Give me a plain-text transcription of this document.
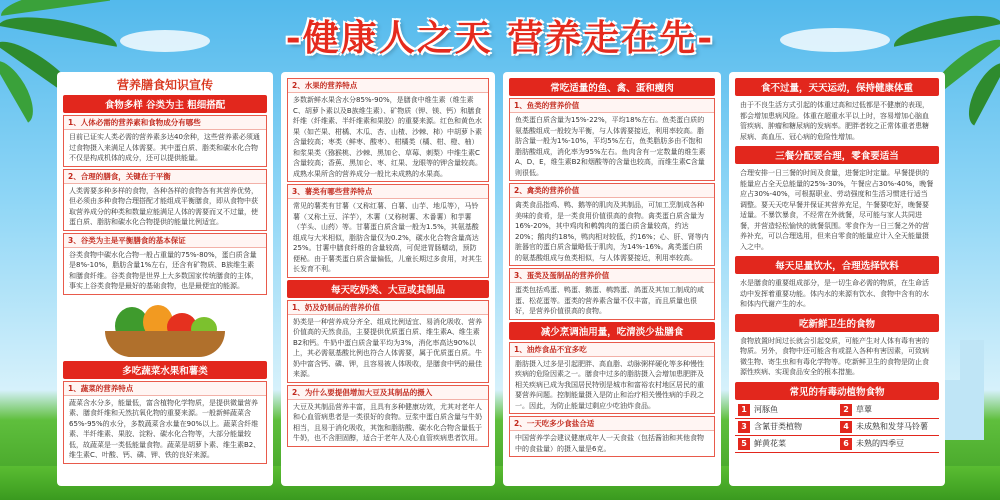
-健康人之天 营养走在先-
营养膳食知识宣传
食物多样 谷类为主 粗细搭配
1、人体必需的营养素和食物成分有哪些
目前已证实人类必需的营养素多达40余种，这些营养素必须通过食物摄入来满足人体需要。其中蛋白质、脂类和碳水化合物不仅是构成机体的成分，还可以提供能量。
2、合理的膳食，关键在于平衡
人类需要多种多样的食物，各种各样的食物各有其营养优势，但必须由多种食物合理搭配才能组成平衡膳食，即从食物中获取营养成分的种类和数量应能满足人体的需要而又不过量，使蛋白质、脂肪和碳水化合物提供的能量比例适宜。
3、谷类为主是平衡膳食的基本保证
谷类食物中碳水化合物一般占重量的75%-80%，蛋白质含量是8%-10%，脂肪含量1%左右，还含有矿物质、B族维生素和膳食纤维。谷类食物是世界上大多数国家传统膳食的主体，事实上谷类食物是最好的基础食物，也是最便宜的能源。
多吃蔬菜水果和薯类
1、蔬菜的营养特点
蔬菜含水分多，能量低，富含植物化学物质，是提供微量营养素、膳食纤维和天然抗氧化物的重要来源。一般新鲜蔬菜含65%-95%的水分，多数蔬菜含水量在90%以上。蔬菜含纤维素、半纤维素、果胶、淀粉、碳水化合物等，大部分能量较低，故蔬菜是一类低能量食物。蔬菜是胡萝卜素、维生素B2、维生素C、叶酸、钙、磷、钾、铁的良好来源。
2、水果的营养特点
多数新鲜水果含水分85%-90%，是膳食中维生素（维生素C、胡萝卜素以及B族维生素）、矿物质（钾、镁、钙）和膳食纤维（纤维素、半纤维素和果胶）的重要来源。红色和黄色水果（如芒果、柑橘、木瓜、杏、山楂、沙棘、柿）中胡萝卜素含量较高；枣类（鲜枣、酸枣）、柑橘类（橘、柑、橙、柚）和浆果类（猕猴桃、沙棘、黑加仑、草莓、刺梨）中维生素C含量较高；香蕉、黑加仑、枣、红果、龙眼等的钾含量较高。成熟水果所含的营养成分一般比未成熟的水果高。
3、薯类有哪些营养特点
常见的薯类有甘薯（又称红薯、白薯、山芋、地瓜等），马铃薯（又称土豆、洋芋），木薯（又称树薯、木番薯）和芋薯（芋头、山药）等。甘薯蛋白质含量一般为1.5%，其氨基酸组成与大米相似，脂肪含量仅为0.2%，碳水化合物含量高达25%。甘薯中膳食纤维的含量较高，可促进胃肠蠕动，预防便秘。由于薯类蛋白质含量偏低，儿童长期过多食用，对其生长发育不利。
每天吃奶类、大豆或其制品
1、奶及奶制品的营养价值
奶类是一种营养成分齐全、组成比例适宜、易消化吸收、营养价值高的天然食品，主要提供优质蛋白质、维生素A、维生素B2和钙。牛奶中蛋白质含量平均为3%，消化率高达90%以上，其必需氨基酸比例也符合人体需要，属于优质蛋白质。牛奶中富含钙、磷、钾，且容易被人体吸收，是膳食中钙的最佳来源。
2、为什么要提倡增加大豆及其制品的摄入
大豆及其制品营养丰富，且具有多种健康功效，尤其对老年人和心血管病患者是一类很好的食物。豆浆中蛋白质含量与牛奶相当，且易于消化吸收，其饱和脂肪酸、碳水化合物含量低于牛奶，也不含胆固醇，适合于老年人及心血管疾病患者饮用。
常吃适量的鱼、禽、蛋和瘦肉
1、鱼类的营养价值
鱼类蛋白质含量为15%-22%，平均18%左右。鱼类蛋白质的氨基酸组成一般较为平衡，与人体需要接近，利用率较高。脂肪含量一般为1%-10%，平均5%左右，鱼类脂肪多由不饱和脂肪酸组成，消化率为95%左右。鱼肉含有一定数量的维生素A、D、E，维生素B2和烟酸等的含量也较高，而维生素C含量则很低。
2、禽类的营养价值
禽类食品指鸡、鸭、鹅等的肌肉及其制品，可加工烹制成各种美味的食肴，是一类食用价值很高的食物。禽类蛋白质含量为16%-20%，其中鸡肉和鹌鹑肉的蛋白质含量较高，约达20%；鹅肉约18%，鸭肉相对较低，约16%；心、肝、肾等内脏器官的蛋白质含量略低于肌肉，为14%-16%。禽类蛋白质的氨基酸组成与鱼类相似，与人体需要接近，利用率较高。
3、蛋类及蛋制品的营养价值
蛋类包括鸡蛋、鸭蛋、鹅蛋、鹌鹑蛋、鸽蛋及其加工制成的咸蛋、松花蛋等。蛋类的营养素含量不仅丰富，而且质量也很好，是营养价值很高的食物。
减少烹调油用量，吃清淡少盐膳食
1、油炸食品不宜多吃
脂肪摄入过多是引起肥胖、高血脂、动脉粥样硬化等多种慢性疾病的危险因素之一。膳食中过多的脂肪摄入会增加患肥胖及相关疾病已成为我国居民特别是城市和富裕农村地区居民的重要营养问题。控制能量摄入是防止和治疗相关慢性病的手段之一。因此，为防止能量过剩应少吃油炸食品。
2、一天吃多少食盐合适
中国营养学会建议健康成年人一天食盐（包括酱油和其他食物中的食盐量）的摄入量是6克。
食不过量，天天运动，保持健康体重
由于不良生活方式引起的体重过高和过低都是不健康的表现，都会增加患病风险。体重在超重水平以上时，容易增加心脑血管疾病、肿瘤和糖尿病的发病率。肥胖者较之正常体重者患糖尿病、高血压、冠心病的危险性增加。
三餐分配要合理，零食要适当
合理安排一日三餐的时间及食量，进餐定时定量。早餐提供的能量应占全天总能量的25%-30%，午餐应占30%-40%，晚餐应占30%-40%，可根据职业、劳动强度和生活习惯进行适当调整。要天天吃早餐并保证其营养充足，午餐要吃好，晚餐要适量。不暴饮暴食，不经常在外就餐，尽可能与家人共同进餐，并营造轻松愉快的就餐氛围。零食作为一日三餐之外的营养补充，可以合理选用，但来自零食的能量应计入全天能量摄入之中。
每天足量饮水，合理选择饮料
水是膳食的重要组成部分，是一切生命必需的物质，在生命活动中发挥着重要功能。体内水的来源有饮水、食物中含有的水和体内代谢产生的水。
吃新鲜卫生的食物
食物放置时间过长就会引起变质，可能产生对人体有毒有害的物质。另外，食物中还可能含有或混入各种有害因素，可致病微生物、寄生虫和有毒化学物等。吃新鲜卫生的食物是防止食源性疾病、实现食品安全的根本措施。
常见的有毒动植物食物
1 河豚鱼	2 草蕈
3 含氰苷类植物	4 未成熟和发芽马铃薯
5 鲜黄花菜	6 未熟的四季豆
